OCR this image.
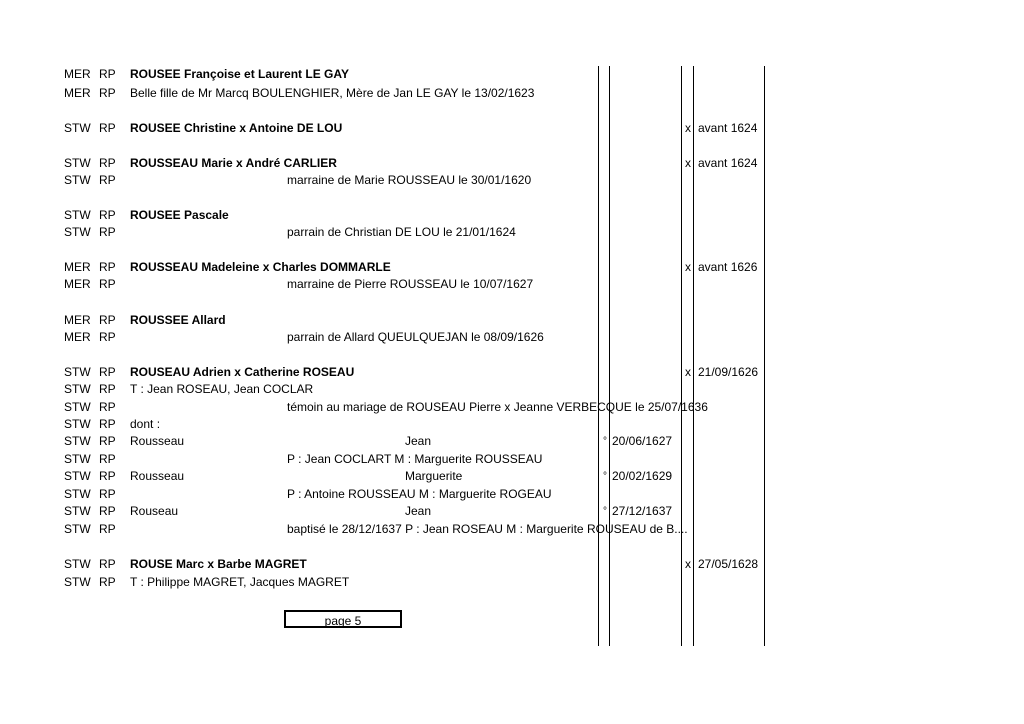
MER RP ROUSEE Françoise et Laurent LE GAY
MER RP Belle fille de Mr Marcq BOULENGHIER, Mère de Jan LE GAY le 13/02/1623
STW RP ROUSEE Christine x Antoine DE LOU	x avant 1624
STW RP ROUSSEAU Marie x André CARLIER	x avant 1624
STW RP	marraine de Marie ROUSSEAU le 30/01/1620
STW RP ROUSEE Pascale
STW RP	parrain de Christian DE LOU le 21/01/1624
MER RP ROUSSEAU Madeleine x Charles DOMMARLE	x avant 1626
MER RP	marraine de Pierre ROUSSEAU le 10/07/1627
MER RP ROUSSEE Allard
MER RP	parrain de Allard QUEULQUEJAN le 08/09/1626
STW RP ROUSEAU Adrien x Catherine ROSEAU	x 21/09/1626
STW RP T : Jean ROSEAU, Jean COCLAR
STW RP	témoin au mariage de ROUSEAU Pierre x Jeanne VERBECQUE le 25/07/1636
STW RP dont :
STW RP Rousseau	Jean	° 20/06/1627
STW RP	P : Jean COCLART M : Marguerite ROUSSEAU
STW RP Rousseau	Marguerite	° 20/02/1629
STW RP	P : Antoine ROUSSEAU M : Marguerite ROGEAU
STW RP Rouseau	Jean	° 27/12/1637
STW RP	baptisé le 28/12/1637 P : Jean ROSEAU M : Marguerite ROUSEAU de B....
STW RP ROUSE Marc x Barbe MAGRET	x 27/05/1628
STW RP T : Philippe MAGRET, Jacques MAGRET
page 5
